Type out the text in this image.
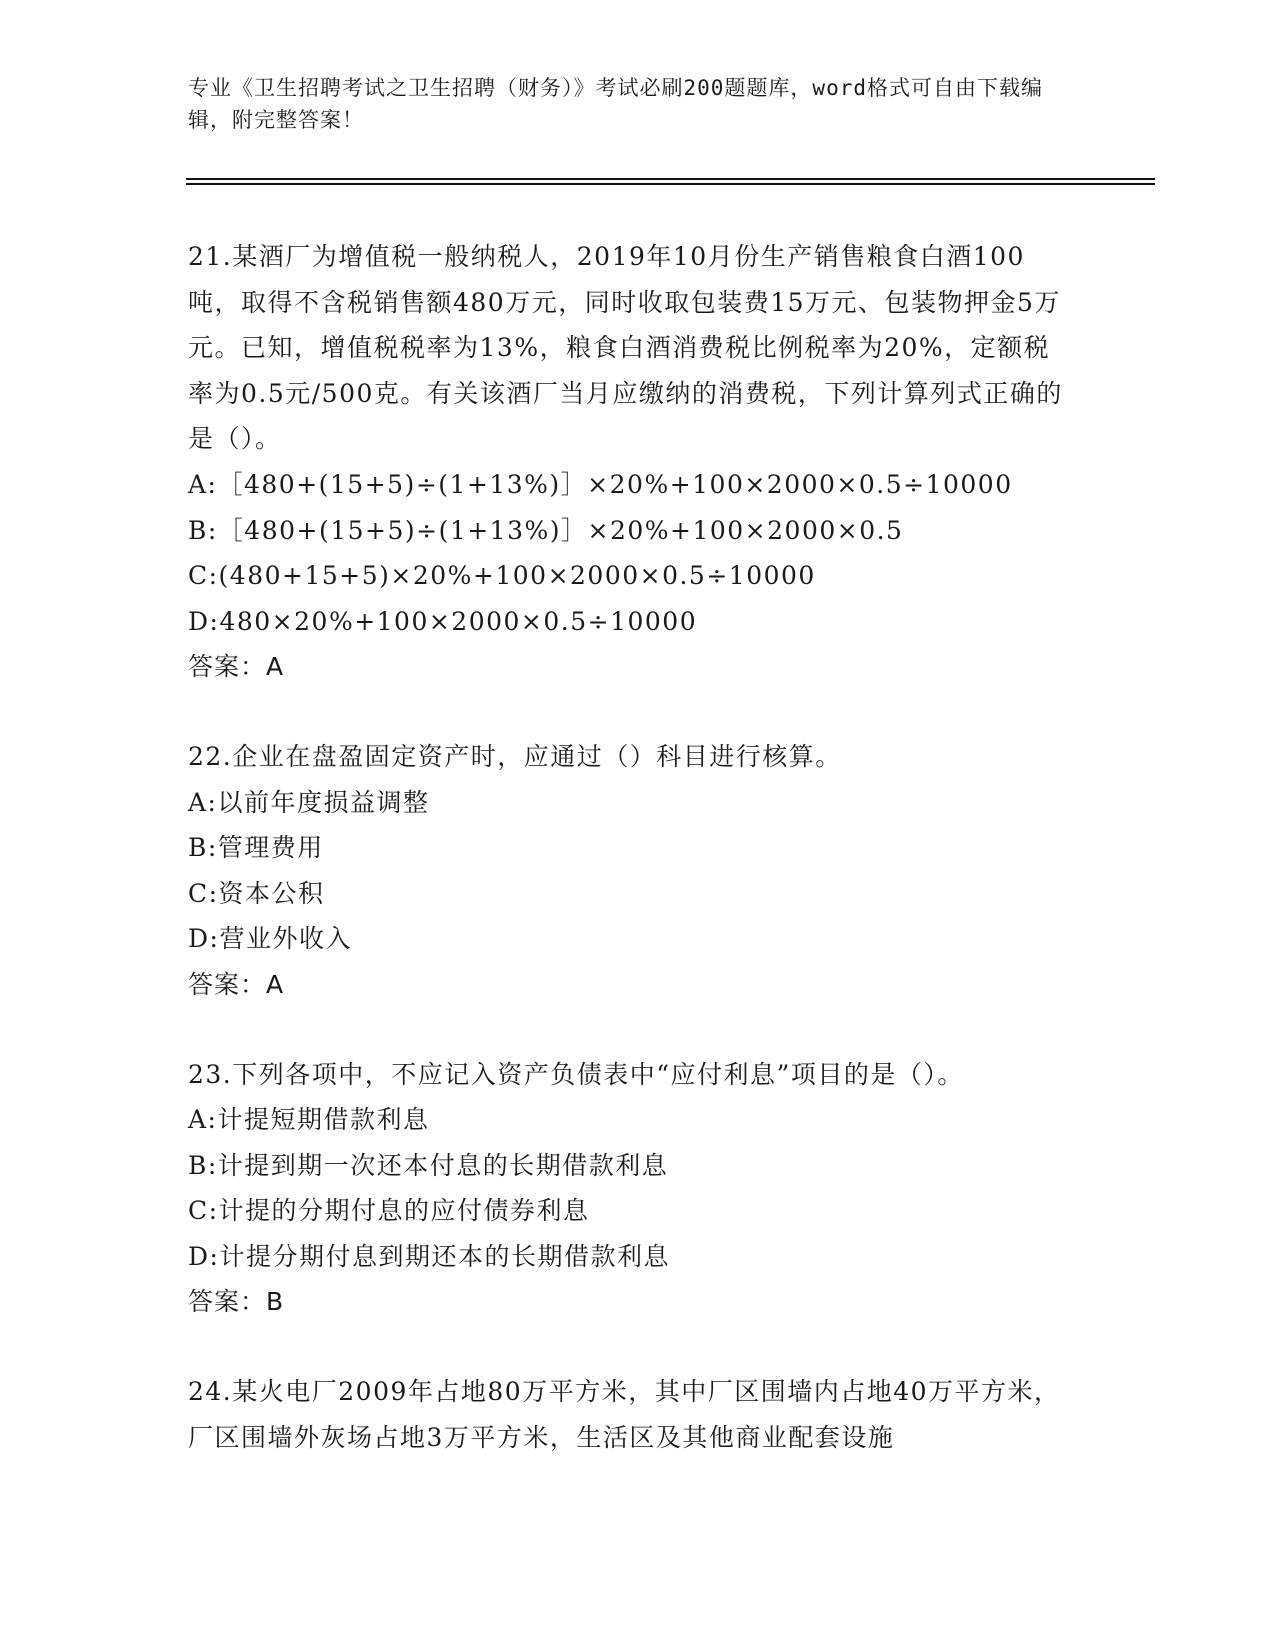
专业《卫生招聘考试之卫生招聘（财务）》考试必刷200题题库，word格式可自由下载编辑，附完整答案！
21.某酒厂为增值税一般纳税人，2019年10月份生产销售粮食白酒100吨，取得不含税销售额480万元，同时收取包装费15万元、包装物押金5万元。已知，增值税税率为13%，粮食白酒消费税比例税率为20%，定额税率为0.5元/500克。有关该酒厂当月应缴纳的消费税，下列计算列式正确的是（）。
A:［480+(15+5)÷(1+13%)］×20%+100×2000×0.5÷10000
B:［480+(15+5)÷(1+13%)］×20%+100×2000×0.5
C:(480+15+5)×20%+100×2000×0.5÷10000
D:480×20%+100×2000×0.5÷10000
答案：A
22.企业在盘盈固定资产时，应通过（）科目进行核算。
A:以前年度损益调整
B:管理费用
C:资本公积
D:营业外收入
答案：A
23.下列各项中，不应记入资产负债表中“应付利息”项目的是（）。
A:计提短期借款利息
B:计提到期一次还本付息的长期借款利息
C:计提的分期付息的应付债券利息
D:计提分期付息到期还本的长期借款利息
答案：B
24.某火电厂2009年占地80万平方米，其中厂区围墙内占地40万平方米，厂区围墙外灰场占地3万平方米，生活区及其他商业配套设施
